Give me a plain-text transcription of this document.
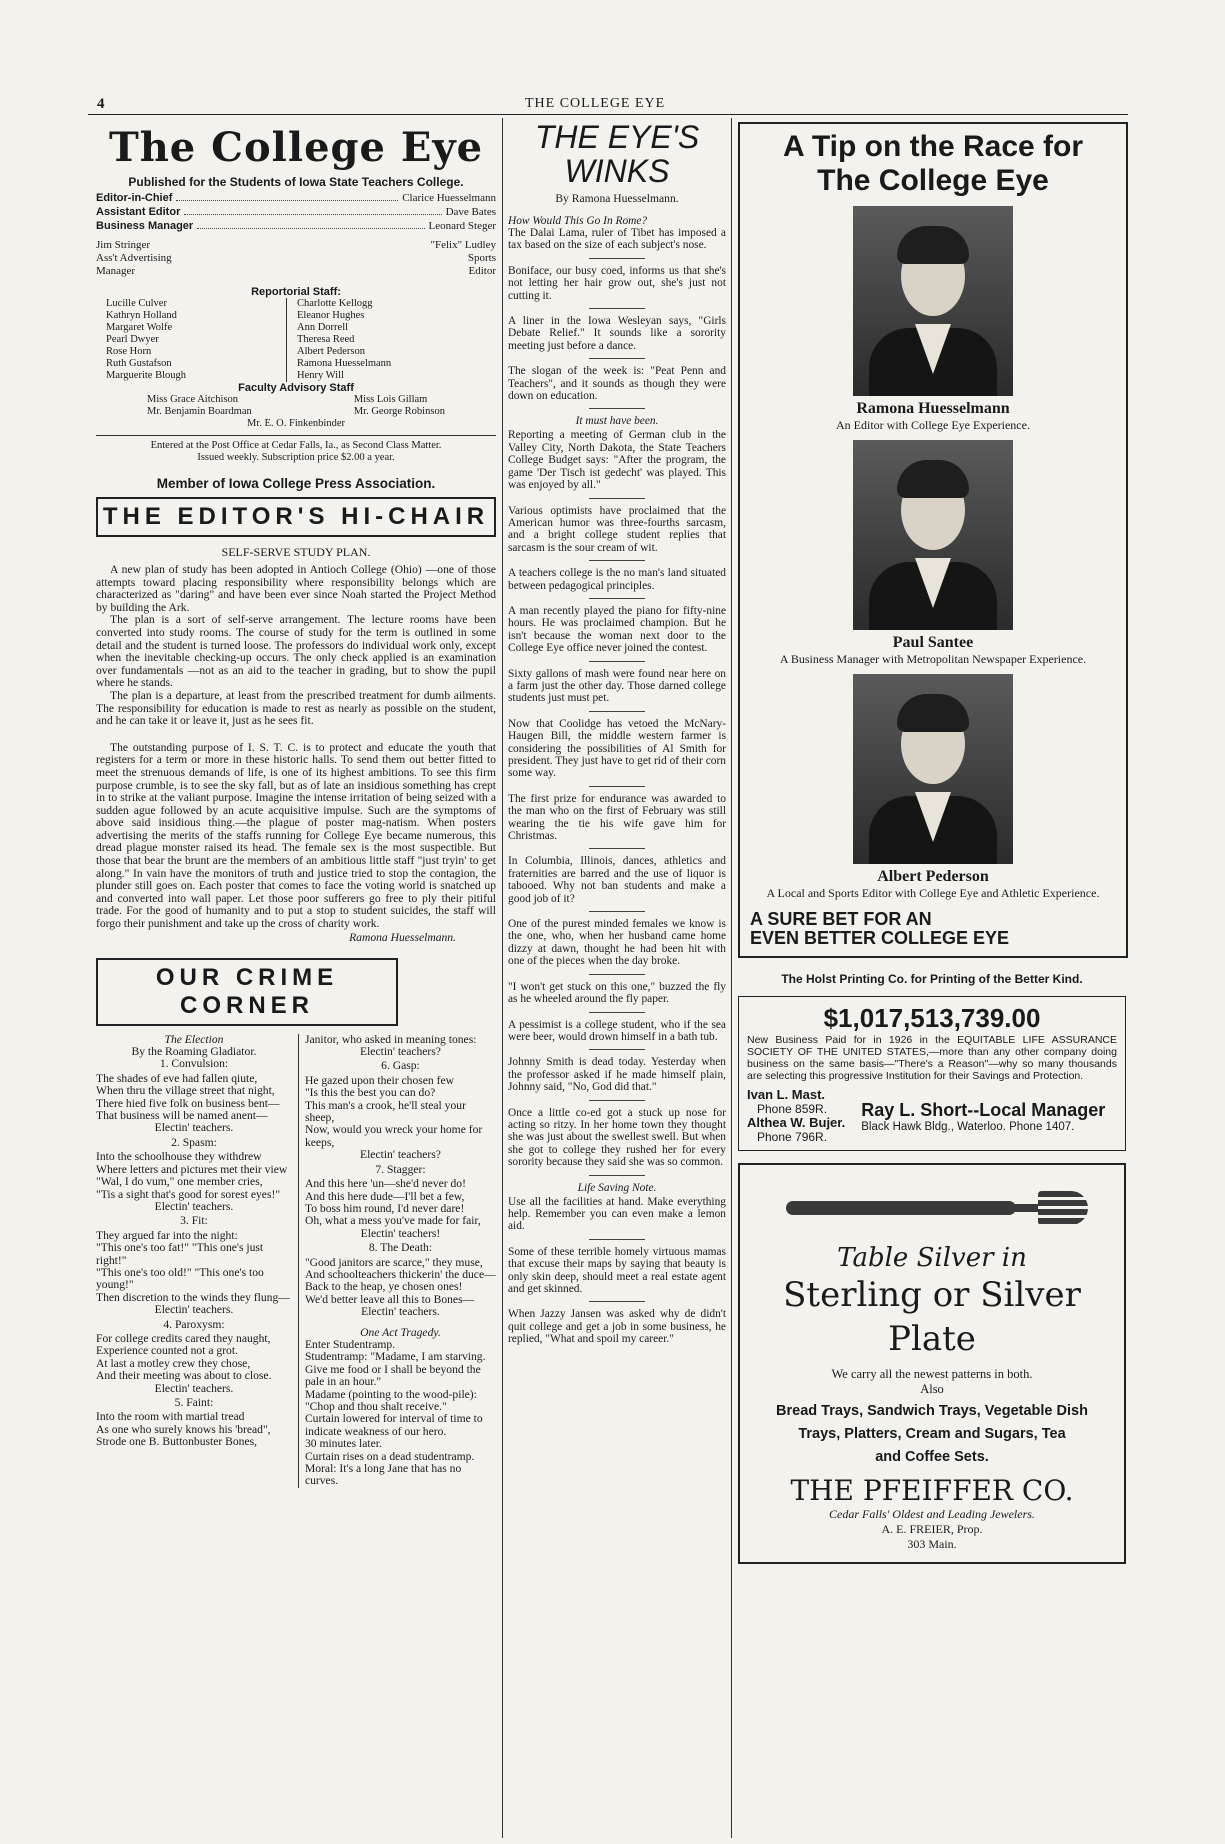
4	THE COLLEGE EYE
The College Eye
Published for the Students of Iowa State Teachers College.
Editor-in-Chief	Clarice Huesselmann
Assistant Editor	Dave Bates
Business Manager	Leonard Steger
Jim Stringer
Ass't Advertising
Manager
"Felix" Ludley
Sports
Editor
Reportorial Staff:
Lucille Culver
Kathryn Holland
Margaret Wolfe
Pearl Dwyer
Rose Horn
Ruth Gustafson
Marguerite Blough
Charlotte Kellogg
Eleanor Hughes
Ann Dorrell
Theresa Reed
Albert Pederson
Ramona Huesselmann
Henry Will
Faculty Advisory Staff
Miss Grace Aitchison
Mr. Benjamin Boardman
Miss Lois Gillam
Mr. George Robinson
Mr. E. O. Finkenbinder
Entered at the Post Office at Cedar Falls, Ia., as Second Class Matter.
Issued weekly. Subscription price $2.00 a year.
Member of Iowa College Press Association.
THE EDITOR'S HI-CHAIR
SELF-SERVE STUDY PLAN.

A new plan of study has been adopted in Antioch College (Ohio) —one of those attempts toward placing responsibility where responsibility belongs which are characterized as "daring" and have been ever since Noah started the Project Method by building the Ark.

The plan is a sort of self-serve arrangement. The lecture rooms have been converted into study rooms. The course of study for the term is outlined in some detail and the student is turned loose. The professors do individual work only, except when the inevitable checking-up occurs. The only check applied is an examination over fundamentals —not as an aid to the teacher in grading, but to show the pupil where he stands.

The plan is a departure, at least from the prescribed treatment for dumb ailments. The responsibility for education is made to rest as nearly as possible on the student, and he can take it or leave it, just as he sees fit.

The outstanding purpose of I. S. T. C. is to protect and educate the youth that registers for a term or more in these historic halls. To send them out better fitted to meet the strenuous demands of life, is one of its highest ambitions. To see this firm purpose crumble, is to see the sky fall, but as of late an insidious something has crept in to strike at the valiant purpose. Imagine the intense irritation of being seized with a sudden ague followed by an acute acquisitive impulse. Such are the symptoms of above said insidious thing.—the plague of poster mag-natism. When posters advertising the merits of the staffs running for College Eye became numerous, this dread plague monster raised its head. The female sex is the most suspectible. But those that bear the brunt are the members of an ambitious little staff "just tryin' to get along." In vain have the monitors of truth and justice tried to stop the contagion, the plunder still goes on. Each poster that comes to face the voting world is snatched up and converted into wall paper. Let those poor sufferers go free to ply their pitiful trade. For the good of humanity and to put a stop to student suicides, the staff will forgo their punishment and take up the cross of charity work.

Ramona Huesselmann.
OUR CRIME CORNER
The Election
By the Roaming Gladiator.
1. Convulsion:
The shades of eve had fallen qiute,
When thru the village street that night,
There hied five folk on business bent—
That business will be named anent—
Electin' teachers.
2. Spasm:
Into the schoolhouse they withdrew
Where letters and pictures met their view
"Wal, I do vum," one member cries,
"Tis a sight that's good for sorest eyes!"
Electin' teachers.
3. Fit:
They argued far into the night:
"This one's too fat!" "This one's just right!"
"This one's too old!" "This one's too young!"
Then discretion to the winds they flung—
Electin' teachers.
4. Paroxysm:
For college credits cared they naught,
Experience counted not a grot.
At last a motley crew they chose,
And their meeting was about to close.
Electin' teachers.
5. Faint:
Into the room with martial tread
As one who surely knows his 'bread",
Strode one B. Buttonbuster Bones,
Janitor, who asked in meaning tones:
Electin' teachers?
6. Gasp:
He gazed upon their chosen few
"Is this the best you can do?
This man's a crook, he'll steal your sheep,
Now, would you wreck your home for keeps,
Electin' teachers?
7. Stagger:
And this here 'un—she'd never do!
And this here dude—I'll bet a few,
To boss him round, I'd never dare!
Oh, what a mess you've made for fair,
Electin' teachers!
8. The Death:
"Good janitors are scarce," they muse,
And schoolteachers thickerin' the duce—
Back to the heap, ye chosen ones!
We'd better leave all this to Bones—
Electin' teachers.
One Act Tragedy.
Enter Studentramp.
Studentramp: "Madame, I am starving. Give me food or I shall be beyond the pale in an hour."
Madame (pointing to the wood-pile): "Chop and thou shalt receive."
Curtain lowered for interval of time to indicate weakness of our hero.
30 minutes later.
Curtain rises on a dead studentramp.
Moral: It's a long Jane that has no curves.
THE EYE'S WINKS
By Ramona Huesselmann.
How Would This Go In Rome?

The Dalai Lama, ruler of Tibet has imposed a tax based on the size of each subject's nose.

Boniface, our busy coed, informs us that she's not letting her hair grow out, she's just not cutting it.

A liner in the Iowa Wesleyan says, "Girls Debate Relief." It sounds like a sorority meeting just before a dance.

The slogan of the week is: "Peat Penn and Teachers", and it sounds as though they were down on education.

It must have been.

Reporting a meeting of German club in the Valley City, North Dakota, the State Teachers College Budget says: "After the program, the game 'Der Tisch ist gedecht' was played. This was enjoyed by all."

Various optimists have proclaimed that the American humor was three-fourths sarcasm, and a bright college student replies that sarcasm is the sour cream of wit.

A teachers college is the no man's land situated between pedagogical principles.

A man recently played the piano for fifty-nine hours. He was proclaimed champion. But he isn't because the woman next door to the College Eye office never joined the contest.

Sixty gallons of mash were found near here on a farm just the other day. Those darned college students just must pet.

Now that Coolidge has vetoed the McNary-Haugen Bill, the middle western farmer is considering the possibilities of Al Smith for president. They just have to get rid of their corn some way.

The first prize for endurance was awarded to the man who on the first of February was still wearing the tie his wife gave him for Christmas.

In Columbia, Illinois, dances, athletics and fraternities are barred and the use of liquor is tabooed. Why not ban students and make a good job of it?

One of the purest minded females we know is the one, who, when her husband came home dizzy at dawn, thought he had been hit with one of the pieces when the day broke.

"I won't get stuck on this one," buzzed the fly as he wheeled around the fly paper.

A pessimist is a college student, who if the sea were beer, would drown himself in a bath tub.

Johnny Smith is dead today. Yesterday when the professor asked if he made himself plain, Johnny said, "No, God did that."

Once a little co-ed got a stuck up nose for acting so ritzy. In her home town they thought she was just about the swellest swell. But when she got to college they rushed her for every sorority because they said she was so common.

Life Saving Note.

Use all the facilities at hand. Make everything help. Remember you can even make a lemon aid.

Some of these terrible homely virtuous mamas that excuse their maps by saying that beauty is only skin deep, should meet a real estate agent and get skinned.

When Jazzy Jansen was asked why de didn't quit college and get a job in some business, he replied, "What and spoil my career."

A Tip on the Race for
The College Eye
Ramona Huesselmann
An Editor with College Eye Experience.
Paul Santee
A Business Manager with Metropolitan Newspaper Experience.
Albert Pederson
A Local and Sports Editor with College Eye and Athletic Experience.
A SURE BET FOR AN
EVEN BETTER COLLEGE EYE
The Holst Printing Co. for Printing of the Better Kind.
$1,017,513,739.00
New Business Paid for in 1926 in the EQUITABLE LIFE ASSURANCE SOCIETY OF THE UNITED STATES,—more than any other company doing business on the same basis—"There's a Reason"—why so many thousands are selecting this progressive Institution for their Savings and Protection.
Ivan L. Mast.
Phone 859R.
Althea W. Bujer.
Phone 796R.
Ray L. Short--Local Manager
Black Hawk Bldg., Waterloo. Phone 1407.
Table Silver in
Sterling or Silver Plate
We carry all the newest patterns in both.
Also
Bread Trays, Sandwich Trays, Vegetable Dish
Trays, Platters, Cream and Sugars, Tea
and Coffee Sets.
THE PFEIFFER CO.
Cedar Falls' Oldest and Leading Jewelers.
A. E. FREIER, Prop.
303 Main.
